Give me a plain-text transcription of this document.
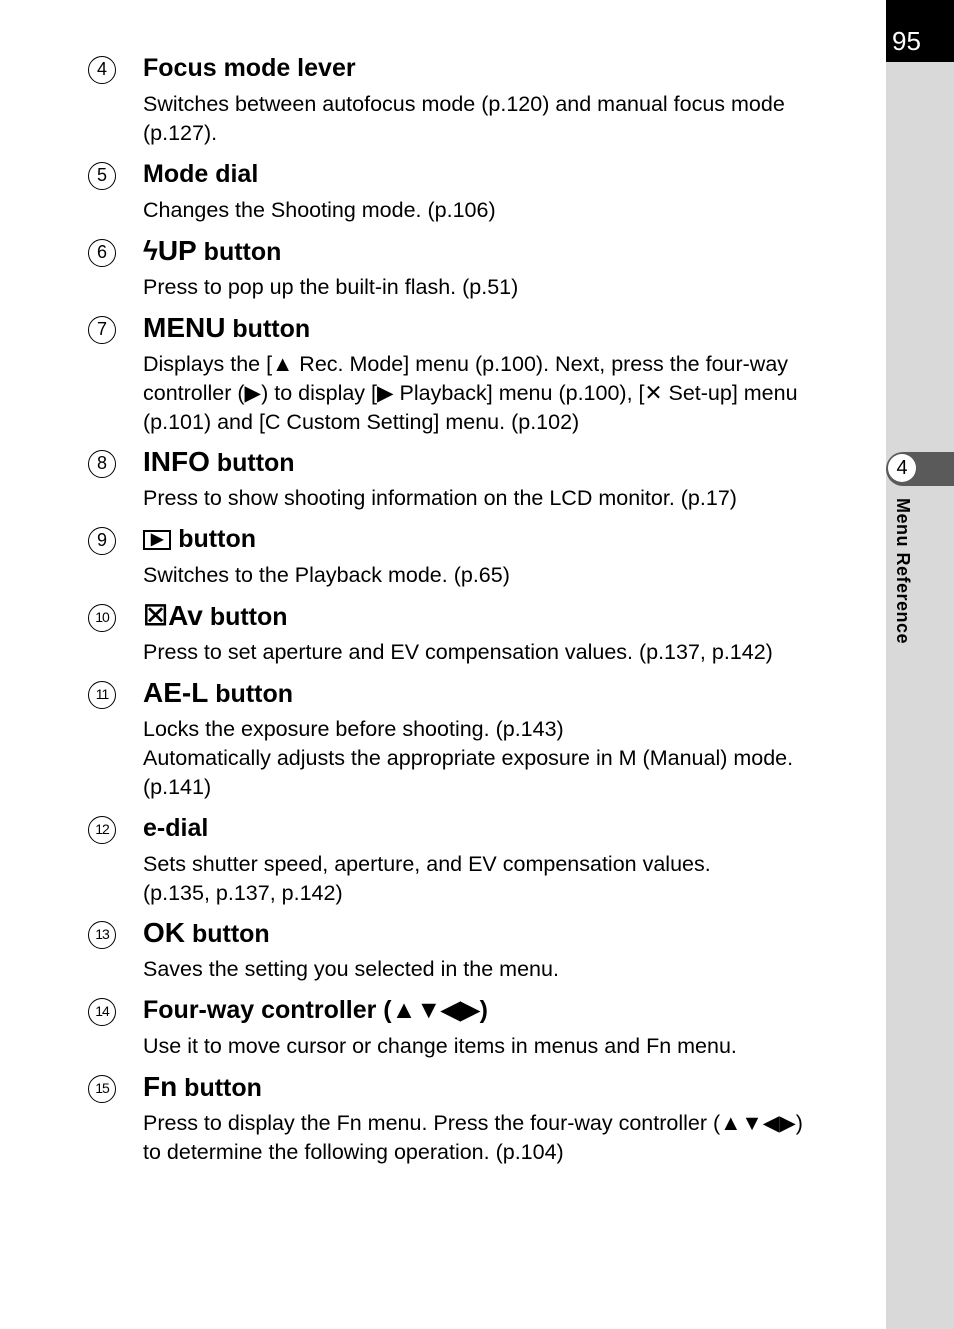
95
4
Menu Reference
4	Focus mode lever
Switches between autofocus mode (p.120) and manual focus mode
(p.127).
5	Mode dial
Changes the Shooting mode. (p.106)
6	ϟUP button
Press to pop up the built-in flash. (p.51)
7	MENU button
Displays the [▲ Rec. Mode] menu (p.100). Next, press the four-way
controller (▶) to display [▶ Playback] menu (p.100), [✕ Set-up] menu
(p.101) and [C Custom Setting] menu. (p.102)
8	INFO button
Press to show shooting information on the LCD monitor. (p.17)
9	▶ button
Switches to the Playback mode. (p.65)
10 ☒Av button
Press to set aperture and EV compensation values. (p.137, p.142)
11 AE-L button
Locks the exposure before shooting. (p.143)
Automatically adjusts the appropriate exposure in M (Manual) mode.
(p.141)
12 e-dial
Sets shutter speed, aperture, and EV compensation values.
(p.135, p.137, p.142)
13 OK button
Saves the setting you selected in the menu.
14 Four-way controller (▲▼◀▶)
Use it to move cursor or change items in menus and Fn menu.
15 Fn button
Press to display the Fn menu. Press the four-way controller (▲▼◀▶)
to determine the following operation. (p.104)
